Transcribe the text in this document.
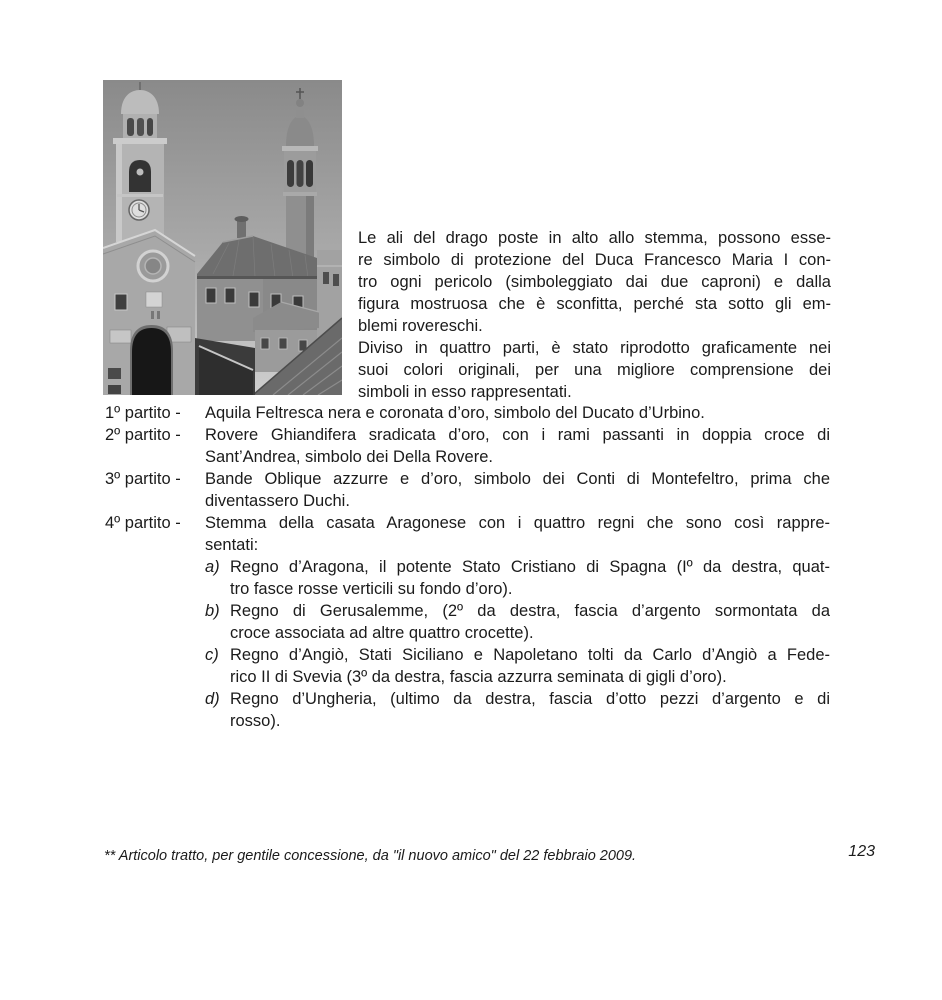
Le ali del drago poste in alto allo stemma, possono esse-
re simbolo di protezione del Duca Francesco Maria I con-
tro ogni pericolo (simboleggiato dai due caproni) e dalla
figura mostruosa che è sconfitta, perché sta sotto gli em-
blemi rovereschi.
Diviso in quattro parti, è stato riprodotto graficamente nei
suoi colori originali, per una migliore comprensione dei
simboli in esso rappresentati.
1º partito - Aquila Feltresca nera e coronata d’oro, simbolo del Ducato d’Urbino.
2º partito - Rovere Ghiandifera sradicata d’oro, con i rami passanti in doppia croce di
Sant’Andrea, simbolo dei Della Rovere.
3º partito - Bande Oblique azzurre e d’oro, simbolo dei Conti di Montefeltro, prima che
diventassero Duchi.
4º partito - Stemma della casata Aragonese con i quattro regni che sono così rappre-
sentati:
a) Regno d’Aragona, il potente Stato Cristiano di Spagna (Iº da destra, quat-
tro fasce rosse verticili su fondo d’oro).
b) Regno di Gerusalemme, (2º da destra, fascia d’argento sormontata da
croce associata ad altre quattro crocette).
c) Regno d’Angiò, Stati Siciliano e Napoletano tolti da Carlo d’Angiò a Fede-
rico II di Svevia (3º da destra, fascia azzurra seminata di gigli d’oro).
d) Regno d’Ungheria, (ultimo da destra, fascia d’otto pezzi d’argento e di
rosso).
** Articolo tratto, per gentile concessione, da "il nuovo amico" del 22 febbraio 2009.	123
